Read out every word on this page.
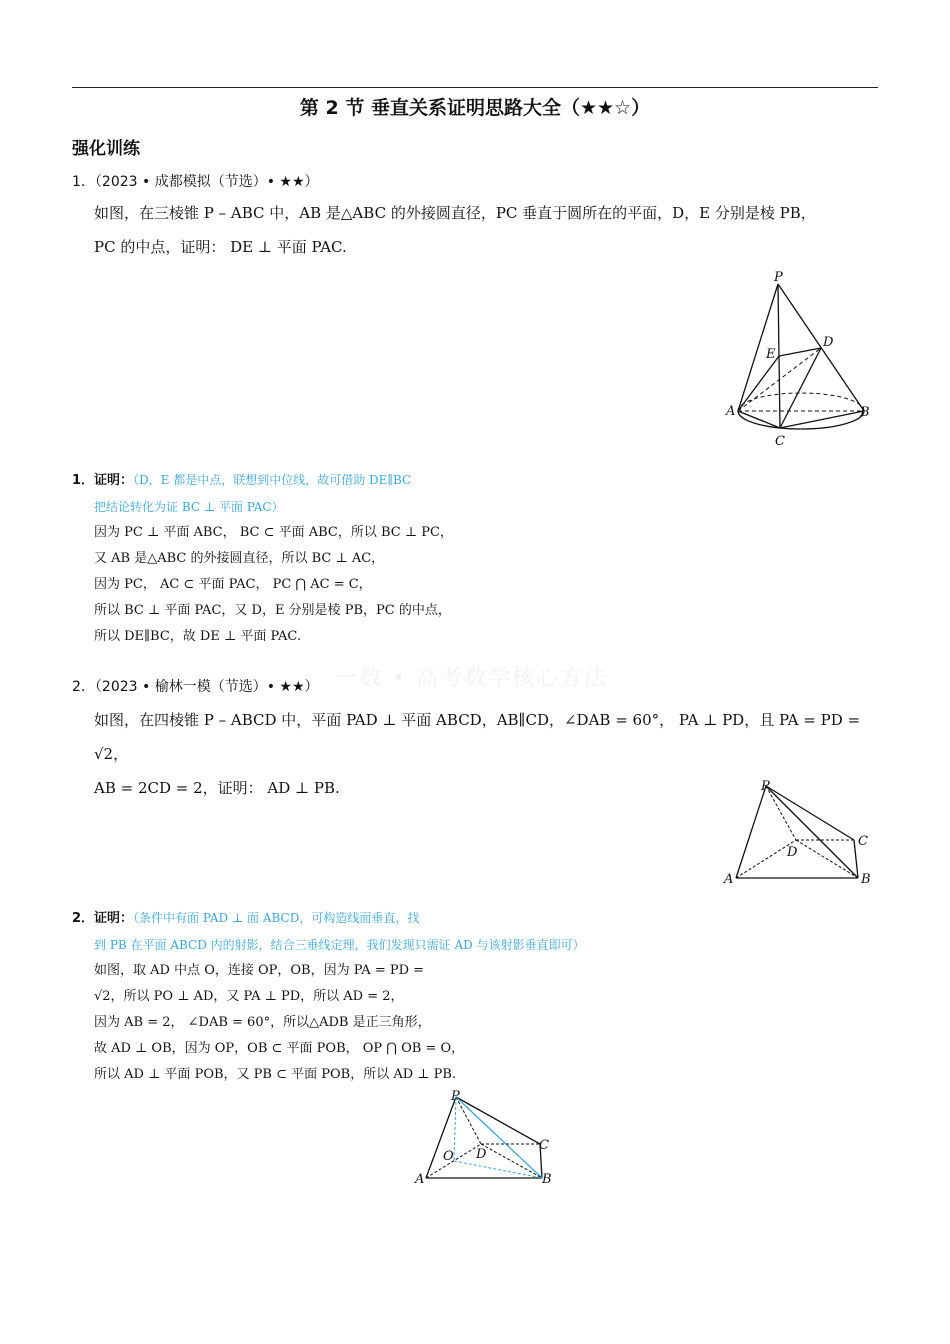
第 2 节 垂直关系证明思路大全（★★☆）
强化训练
一数 • 高考数学核心方法
1．（2023 • 成都模拟（节选）• ★★）
如图，在三棱锥 P – ABC 中，AB 是△ABC 的外接圆直径，PC 垂直于圆所在的平面，D，E 分别是棱 PB，
PC 的中点，证明： DE ⊥ 平面 PAC.
P
D
E
A	B
C
1．证明：（D，E 都是中点，联想到中位线，故可借助 DE∥BC
把结论转化为证 BC ⊥ 平面 PAC）
因为 PC ⊥ 平面 ABC， BC ⊂ 平面 ABC，所以 BC ⊥ PC，
又 AB 是△ABC 的外接圆直径，所以 BC ⊥ AC，
因为 PC， AC ⊂ 平面 PAC， PC ⋂ AC = C，
所以 BC ⊥ 平面 PAC，又 D，E 分别是棱 PB，PC 的中点，
所以 DE∥BC，故 DE ⊥ 平面 PAC.
2．（2023 • 榆林一模（节选）• ★★）
如图，在四棱锥 P – ABCD 中，平面 PAD ⊥ 平面 ABCD，AB∥CD，∠DAB = 60°， PA ⊥ PD，且 PA = PD = √2，
AB = 2CD = 2，证明： AD ⊥ PB.	P
C
D
A	B
2．证明：（条件中有面 PAD ⊥ 面 ABCD，可构造线面垂直，找
到 PB 在平面 ABCD 内的射影，结合三垂线定理，我们发现只需证 AD 与该射影垂直即可）
如图，取 AD 中点 O，连接 OP，OB，因为 PA = PD =
√2，所以 PO ⊥ AD，又 PA ⊥ PD，所以 AD = 2，
因为 AB = 2， ∠DAB = 60°，所以△ADB 是正三角形，
故 AD ⊥ OB，因为 OP，OB ⊂ 平面 POB， OP ⋂ OB = O，
所以 AD ⊥ 平面 POB，又 PB ⊂ 平面 POB，所以 AD ⊥ PB.
P
C
O D
A	B
